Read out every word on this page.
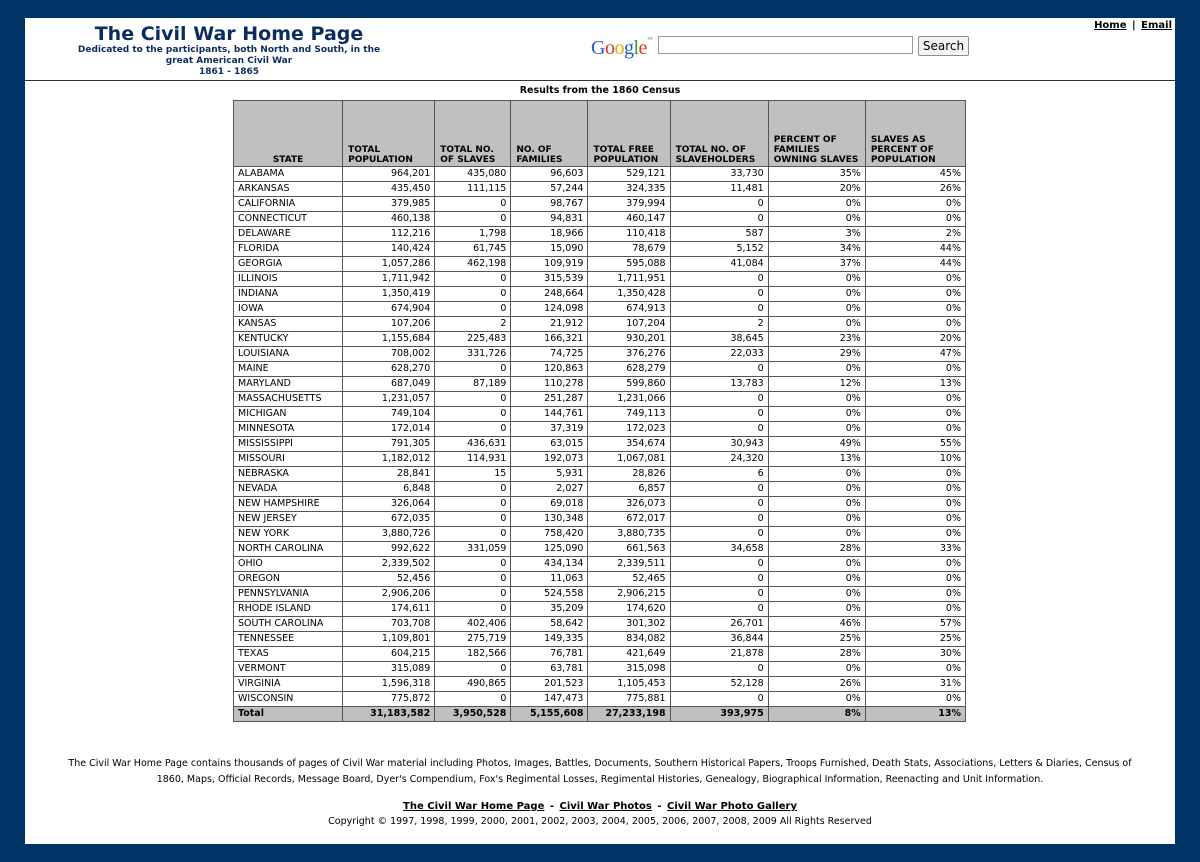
The Civil War Home Page
Dedicated to the participants, both North and South, in the great American Civil War
1861 - 1865
Google™	Search
Home | Email
Results from the 1860 Census
STATE	TOTAL POPULATION	TOTAL NO. OF SLAVES	NO. OF FAMILIES	TOTAL FREE POPULATION	TOTAL NO. OF SLAVEHOLDERS	PERCENT OF FAMILIES OWNING SLAVES	SLAVES AS PERCENT OF POPULATION
ALABAMA	964,201	435,080	96,603	529,121	33,730	35%	45%
ARKANSAS	435,450	111,115	57,244	324,335	11,481	20%	26%
CALIFORNIA	379,985	0	98,767	379,994	0	0%	0%
CONNECTICUT	460,138	0	94,831	460,147	0	0%	0%
DELAWARE	112,216	1,798	18,966	110,418	587	3%	2%
FLORIDA	140,424	61,745	15,090	78,679	5,152	34%	44%
GEORGIA	1,057,286	462,198	109,919	595,088	41,084	37%	44%
ILLINOIS	1,711,942	0	315,539	1,711,951	0	0%	0%
INDIANA	1,350,419	0	248,664	1,350,428	0	0%	0%
IOWA	674,904	0	124,098	674,913	0	0%	0%
KANSAS	107,206	2	21,912	107,204	2	0%	0%
KENTUCKY	1,155,684	225,483	166,321	930,201	38,645	23%	20%
LOUISIANA	708,002	331,726	74,725	376,276	22,033	29%	47%
MAINE	628,270	0	120,863	628,279	0	0%	0%
MARYLAND	687,049	87,189	110,278	599,860	13,783	12%	13%
MASSACHUSETTS	1,231,057	0	251,287	1,231,066	0	0%	0%
MICHIGAN	749,104	0	144,761	749,113	0	0%	0%
MINNESOTA	172,014	0	37,319	172,023	0	0%	0%
MISSISSIPPI	791,305	436,631	63,015	354,674	30,943	49%	55%
MISSOURI	1,182,012	114,931	192,073	1,067,081	24,320	13%	10%
NEBRASKA	28,841	15	5,931	28,826	6	0%	0%
NEVADA	6,848	0	2,027	6,857	0	0%	0%
NEW HAMPSHIRE	326,064	0	69,018	326,073	0	0%	0%
NEW JERSEY	672,035	0	130,348	672,017	0	0%	0%
NEW YORK	3,880,726	0	758,420	3,880,735	0	0%	0%
NORTH CAROLINA	992,622	331,059	125,090	661,563	34,658	28%	33%
OHIO	2,339,502	0	434,134	2,339,511	0	0%	0%
OREGON	52,456	0	11,063	52,465	0	0%	0%
PENNSYLVANIA	2,906,206	0	524,558	2,906,215	0	0%	0%
RHODE ISLAND	174,611	0	35,209	174,620	0	0%	0%
SOUTH CAROLINA	703,708	402,406	58,642	301,302	26,701	46%	57%
TENNESSEE	1,109,801	275,719	149,335	834,082	36,844	25%	25%
TEXAS	604,215	182,566	76,781	421,649	21,878	28%	30%
VERMONT	315,089	0	63,781	315,098	0	0%	0%
VIRGINIA	1,596,318	490,865	201,523	1,105,453	52,128	26%	31%
WISCONSIN	775,872	0	147,473	775,881	0	0%	0%
Total	31,183,582	3,950,528	5,155,608	27,233,198	393,975	8%	13%
The Civil War Home Page contains thousands of pages of Civil War material including Photos, Images, Battles, Documents, Southern Historical Papers, Troops Furnished, Death Stats, Associations, Letters & Diaries, Census of 1860, Maps, Official Records, Message Board, Dyer's Compendium, Fox's Regimental Losses, Regimental Histories, Genealogy, Biographical Information, Reenacting and Unit Information.
The Civil War Home Page - Civil War Photos - Civil War Photo Gallery
Copyright © 1997, 1998, 1999, 2000, 2001, 2002, 2003, 2004, 2005, 2006, 2007, 2008, 2009 All Rights Reserved
